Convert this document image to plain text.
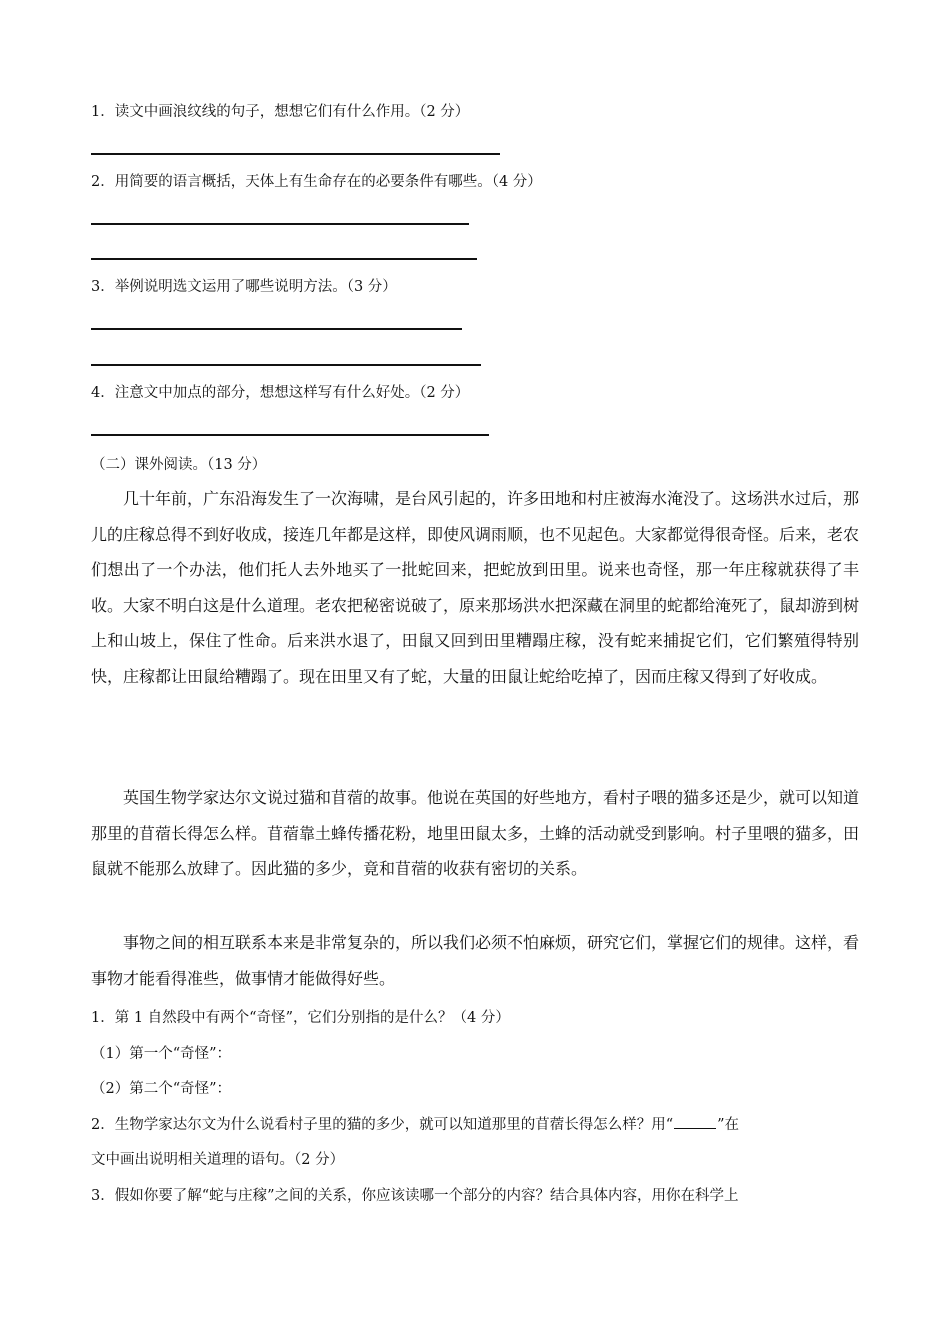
1．读文中画浪纹线的句子，想想它们有什么作用。（2 分）
2．用简要的语言概括，天体上有生命存在的必要条件有哪些。（4 分）
3．举例说明选文运用了哪些说明方法。（3 分）
4．注意文中加点的部分，想想这样写有什么好处。（2 分）
（二）课外阅读。（13 分）
几十年前，广东沿海发生了一次海啸，是台风引起的，许多田地和村庄被海水淹没了。这场洪水过后，那儿的庄稼总得不到好收成，接连几年都是这样，即使风调雨顺，也不见起色。大家都觉得很奇怪。后来，老农们想出了一个办法，他们托人去外地买了一批蛇回来，把蛇放到田里。说来也奇怪，那一年庄稼就获得了丰收。大家不明白这是什么道理。老农把秘密说破了，原来那场洪水把深藏在洞里的蛇都给淹死了，鼠却游到树上和山坡上，保住了性命。后来洪水退了，田鼠又回到田里糟蹋庄稼，没有蛇来捕捉它们，它们繁殖得特别快，庄稼都让田鼠给糟蹋了。现在田里又有了蛇，大量的田鼠让蛇给吃掉了，因而庄稼又得到了好收成。
英国生物学家达尔文说过猫和苜蓿的故事。他说在英国的好些地方，看村子喂的猫多还是少，就可以知道那里的苜蓿长得怎么样。苜蓿靠土蜂传播花粉，地里田鼠太多，土蜂的活动就受到影响。村子里喂的猫多，田鼠就不能那么放肆了。因此猫的多少，竟和苜蓿的收获有密切的关系。
事物之间的相互联系本来是非常复杂的，所以我们必须不怕麻烦，研究它们，掌握它们的规律。这样，看事物才能看得准些，做事情才能做得好些。
1．第 1 自然段中有两个“奇怪”，它们分别指的是什么？（4 分）
（1）第一个“奇怪”：
（2）第二个“奇怪”：
2．生物学家达尔文为什么说看村子里的猫的多少，就可以知道那里的苜蓿长得怎么样？用“	”在
文中画出说明相关道理的语句。（2 分）
3．假如你要了解“蛇与庄稼”之间的关系，你应该读哪一个部分的内容？结合具体内容，用你在科学上
